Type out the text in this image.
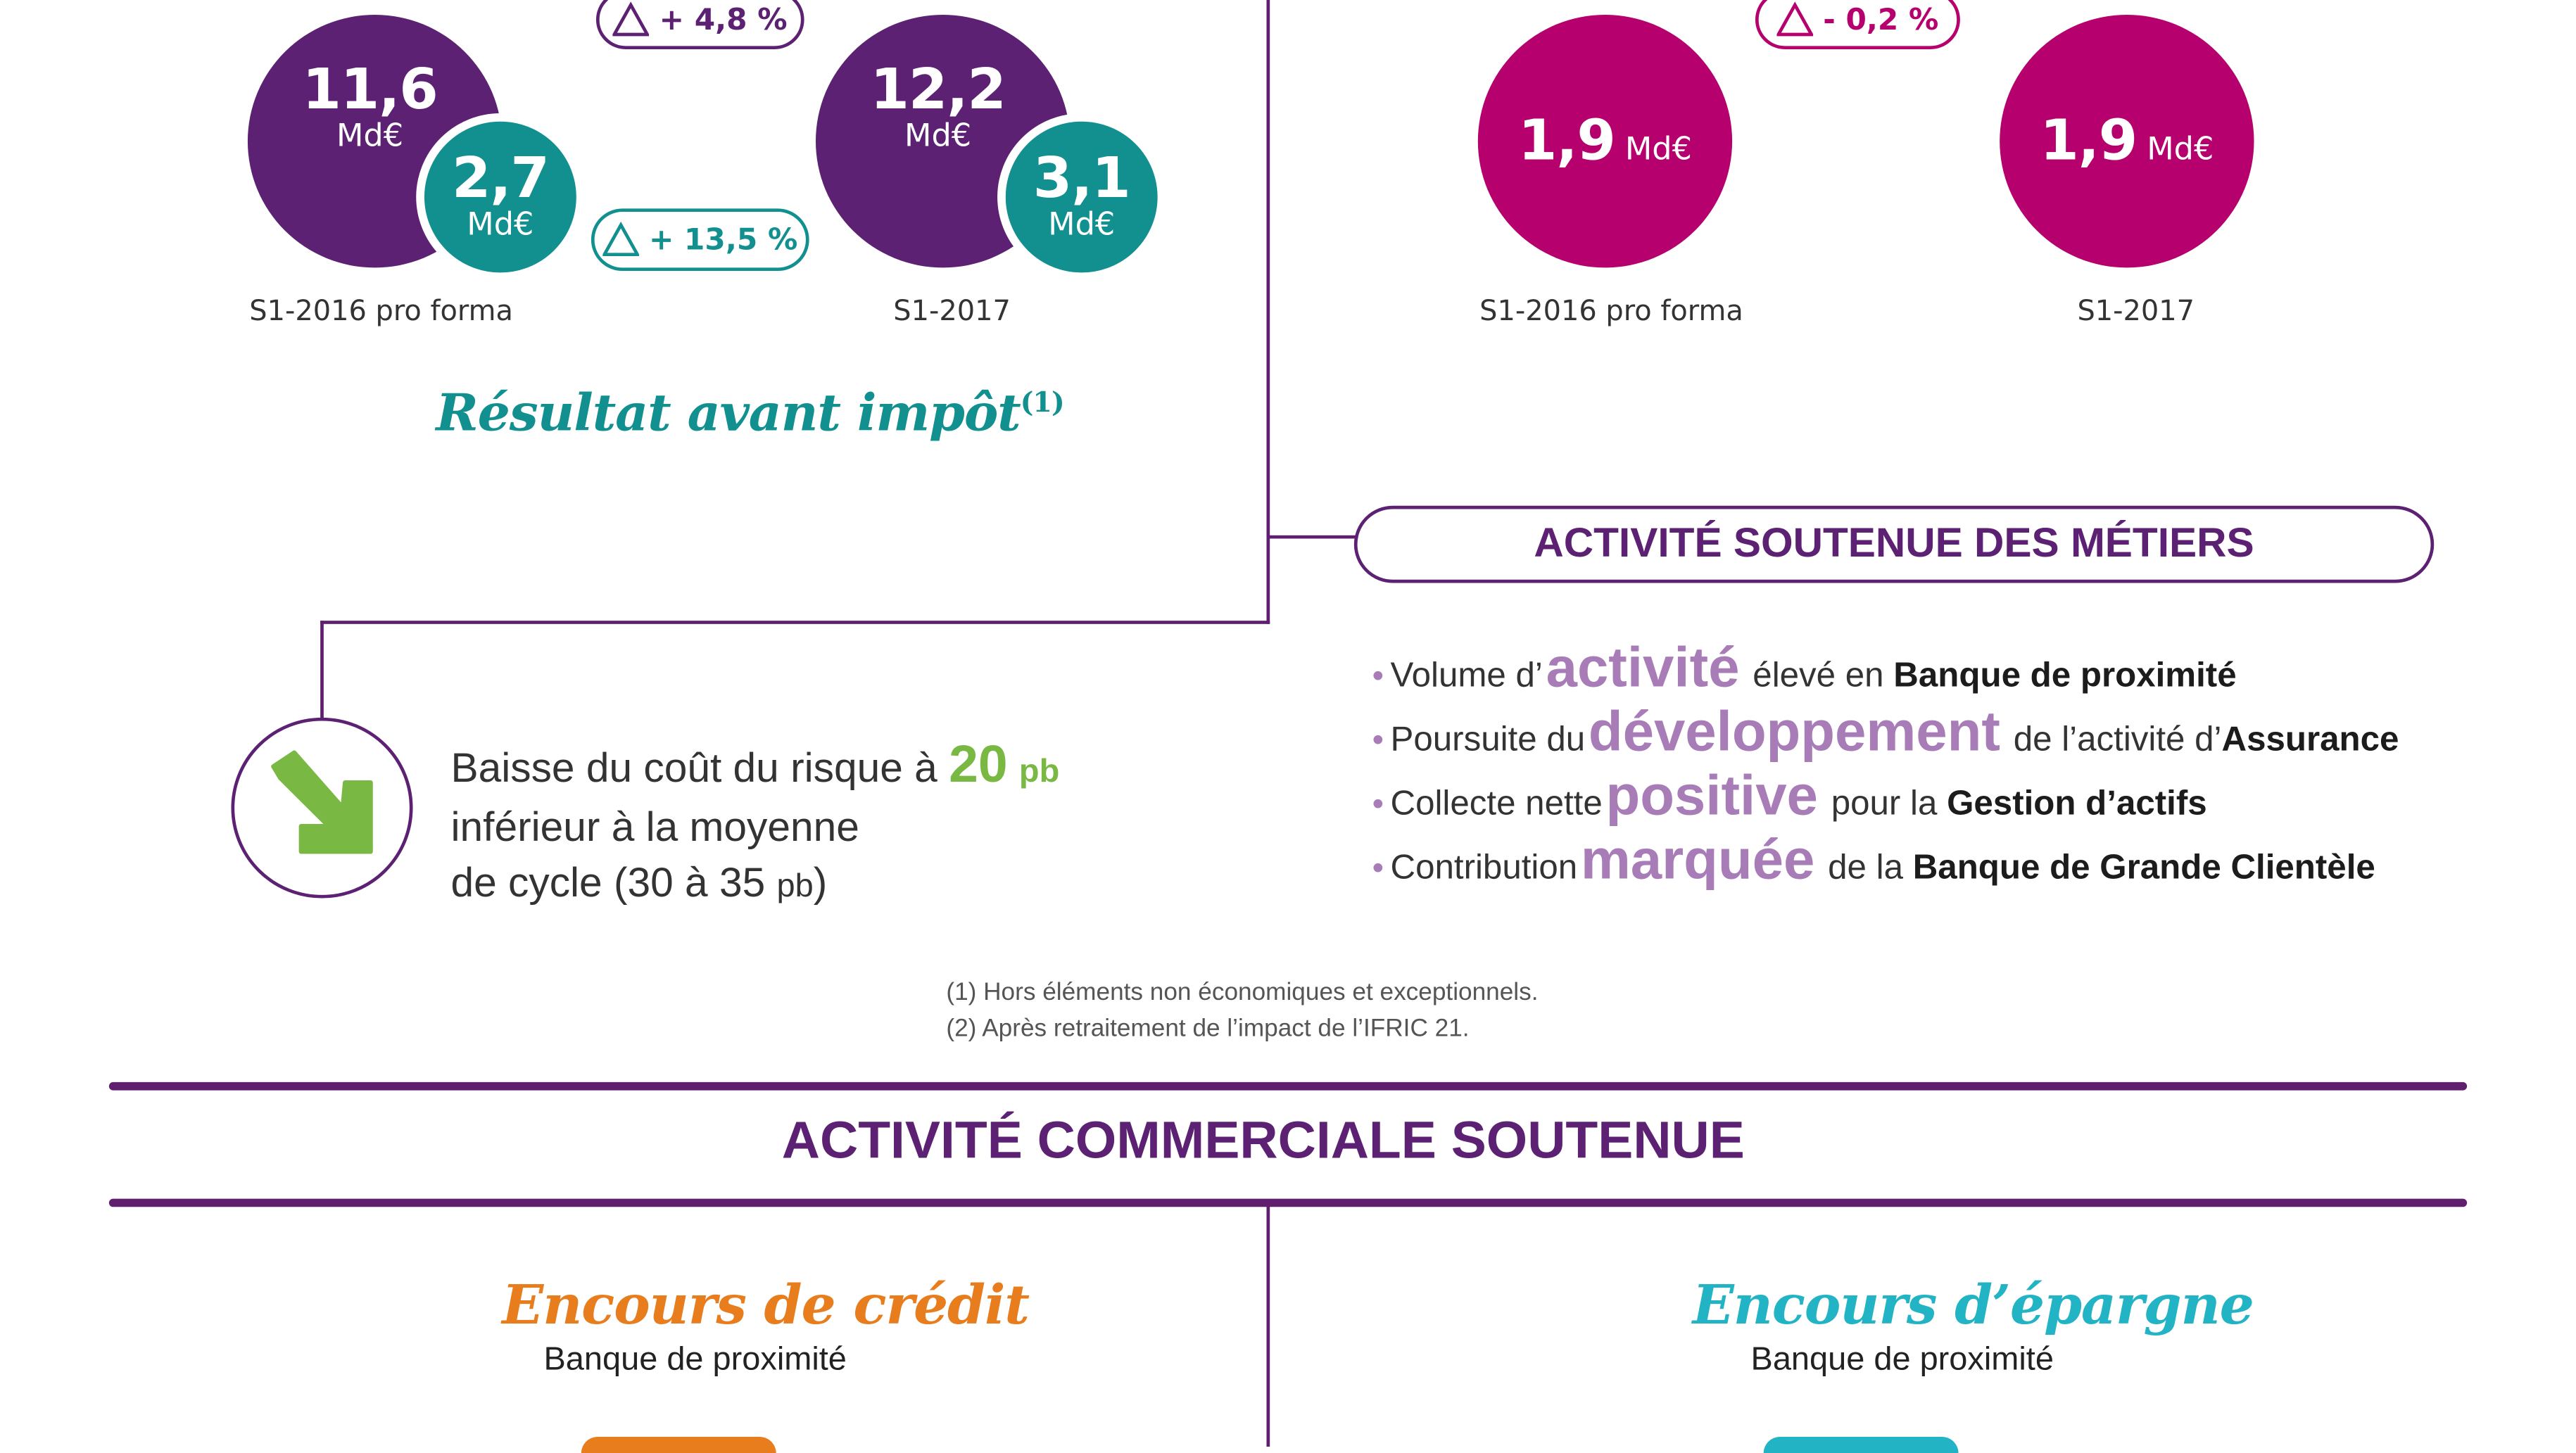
+ 4,8 %
11,6
Md€
2,7
Md€	+ 13,5 %
12,2
Md€
3,1
Md€
S1-2016 pro forma	S1-2017
Résultat avant impôt$^{(1)}$
- 0,2 %
1,9 Md€	1,9 Md€
S1-2016 pro forma	S1-2017
ACTIVITÉ SOUTENUE DES MÉTIERS
• Volume d’ activité élevé en Banque de proximité
• Poursuite du développement de l’activité d’Assurance
• Collecte nette positive pour la Gestion d’actifs
• Contribution marquée de la Banque de Grande Clientèle
Baisse du coût du risque à 20 pb
inférieur à la moyenne
de cycle (30 à 35 pb)
(1) Hors éléments non économiques et exceptionnels.
(2) Après retraitement de l’impact de l’IFRIC 21.
ACTIVITÉ COMMERCIALE SOUTENUE
Encours de crédit
Banque de proximité
Encours d’épargne
Banque de proximité
